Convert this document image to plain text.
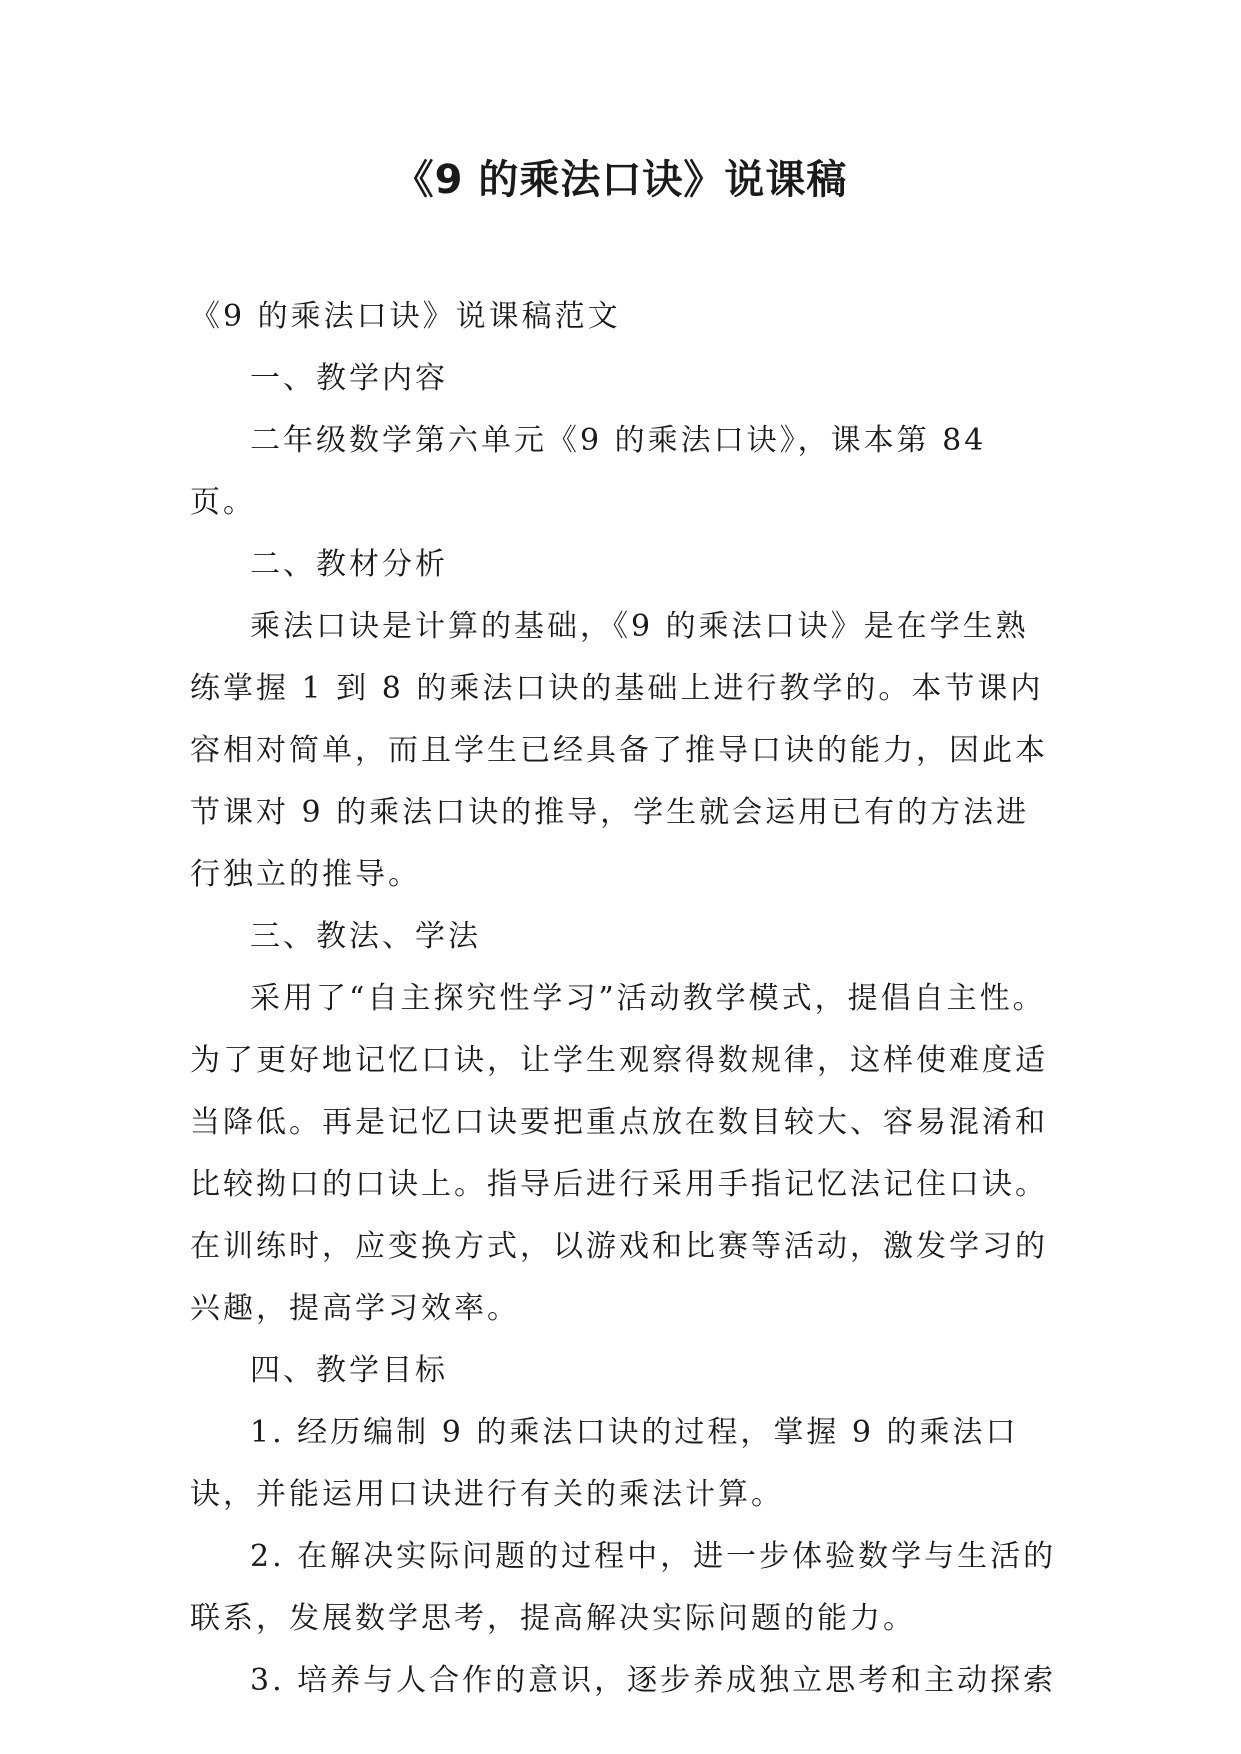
《9 的乘法口诀》说课稿

《9 的乘法口诀》说课稿范文

一、教学内容

二年级数学第六单元《9 的乘法口诀》，课本第 84 页。

二、教材分析

乘法口诀是计算的基础，《9 的乘法口诀》是在学生熟练掌握 1 到 8 的乘法口诀的基础上进行教学的。本节课内容相对简单，而且学生已经具备了推导口诀的能力，因此本节课对 9 的乘法口诀的推导，学生就会运用已有的方法进行独立的推导。

三、教法、学法

采用了“自主探究性学习”活动教学模式，提倡自主性。为了更好地记忆口诀，让学生观察得数规律，这样使难度适当降低。再是记忆口诀要把重点放在数目较大、容易混淆和比较拗口的口诀上。指导后进行采用手指记忆法记住口诀。在训练时，应变换方式，以游戏和比赛等活动，激发学习的兴趣，提高学习效率。

四、教学目标

1. 经历编制 9 的乘法口诀的过程，掌握 9 的乘法口诀，并能运用口诀进行有关的乘法计算。

2. 在解决实际问题的过程中，进一步体验数学与生活的联系，发展数学思考，提高解决实际问题的能力。

3. 培养与人合作的意识，逐步养成独立思考和主动探索
